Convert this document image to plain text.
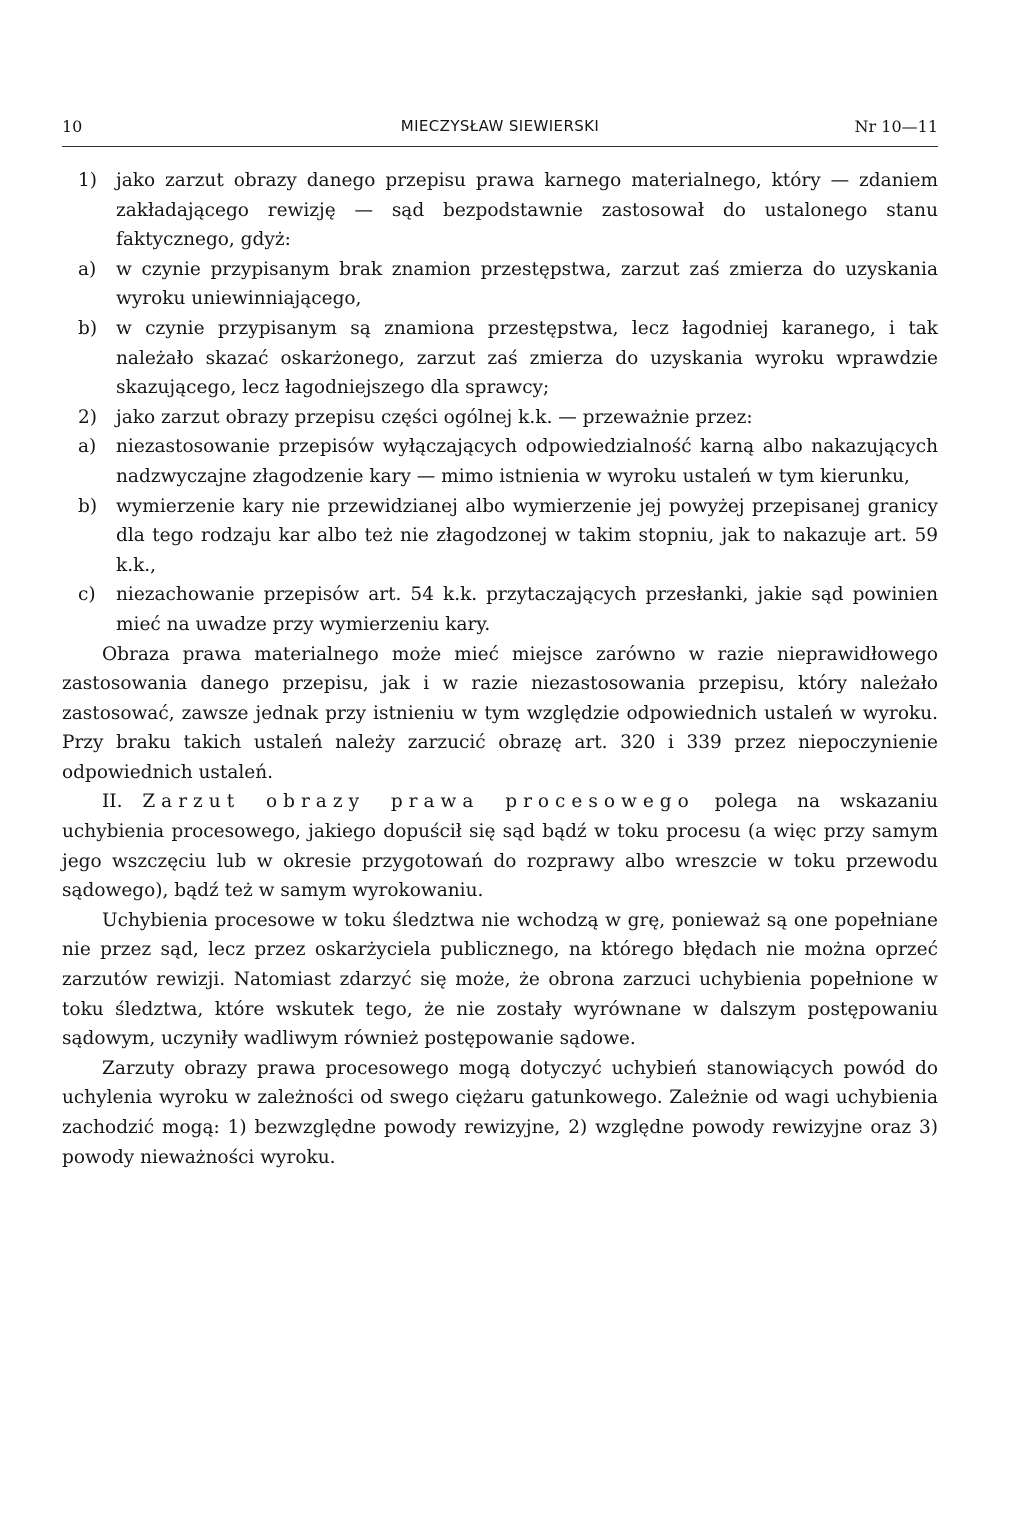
10	MIECZYSŁAW SIEWIERSKI	Nr 10—11
1)	jako zarzut obrazy danego przepisu prawa karnego materialnego, który — zdaniem zakładającego rewizję — sąd bezpodstawnie zastosował do ustalonego stanu faktycznego, gdyż:
a)	w czynie przypisanym brak znamion przestępstwa, zarzut zaś zmierza do uzyskania wyroku uniewinniającego,
b)	w czynie przypisanym są znamiona przestępstwa, lecz łagodniej karanego, i tak należało skazać oskarżonego, zarzut zaś zmierza do uzyskania wyroku wprawdzie skazującego, lecz łagodniejszego dla sprawcy;
2)	jako zarzut obrazy przepisu części ogólnej k.k. — przeważnie przez:
a)	niezastosowanie przepisów wyłączających odpowiedzialność karną albo nakazujących nadzwyczajne złagodzenie kary — mimo istnienia w wyroku ustaleń w tym kierunku,
b)	wymierzenie kary nie przewidzianej albo wymierzenie jej powyżej przepisanej granicy dla tego rodzaju kar albo też nie złagodzonej w takim stopniu, jak to nakazuje art. 59 k.k.,
c)	niezachowanie przepisów art. 54 k.k. przytaczających przesłanki, jakie sąd powinien mieć na uwadze przy wymierzeniu kary.

Obraza prawa materialnego może mieć miejsce zarówno w razie nieprawidłowego zastosowania danego przepisu, jak i w razie niezastosowania przepisu, który należało zastosować, zawsze jednak przy istnieniu w tym względzie odpowiednich ustaleń w wyroku. Przy braku takich ustaleń należy zarzucić obrazę art. 320 i 339 przez niepoczynienie odpowiednich ustaleń.

II. Zarzut obrazy prawa procesowego polega na wskazaniu uchybienia procesowego, jakiego dopuścił się sąd bądź w toku procesu (a więc przy samym jego wszczęciu lub w okresie przygotowań do rozprawy albo wreszcie w toku przewodu sądowego), bądź też w samym wyrokowaniu.

Uchybienia procesowe w toku śledztwa nie wchodzą w grę, ponieważ są one popełniane nie przez sąd, lecz przez oskarżyciela publicznego, na którego błędach nie można oprzeć zarzutów rewizji. Natomiast zdarzyć się może, że obrona zarzuci uchybienia popełnione w toku śledztwa, które wskutek tego, że nie zostały wyrównane w dalszym postępowaniu sądowym, uczyniły wadliwym również postępowanie sądowe.

Zarzuty obrazy prawa procesowego mogą dotyczyć uchybień stanowiących powód do uchylenia wyroku w zależności od swego ciężaru gatunkowego. Zależnie od wagi uchybienia zachodzić mogą: 1) bezwzględne powody rewizyjne, 2) względne powody rewizyjne oraz 3) powody nieważności wyroku.
